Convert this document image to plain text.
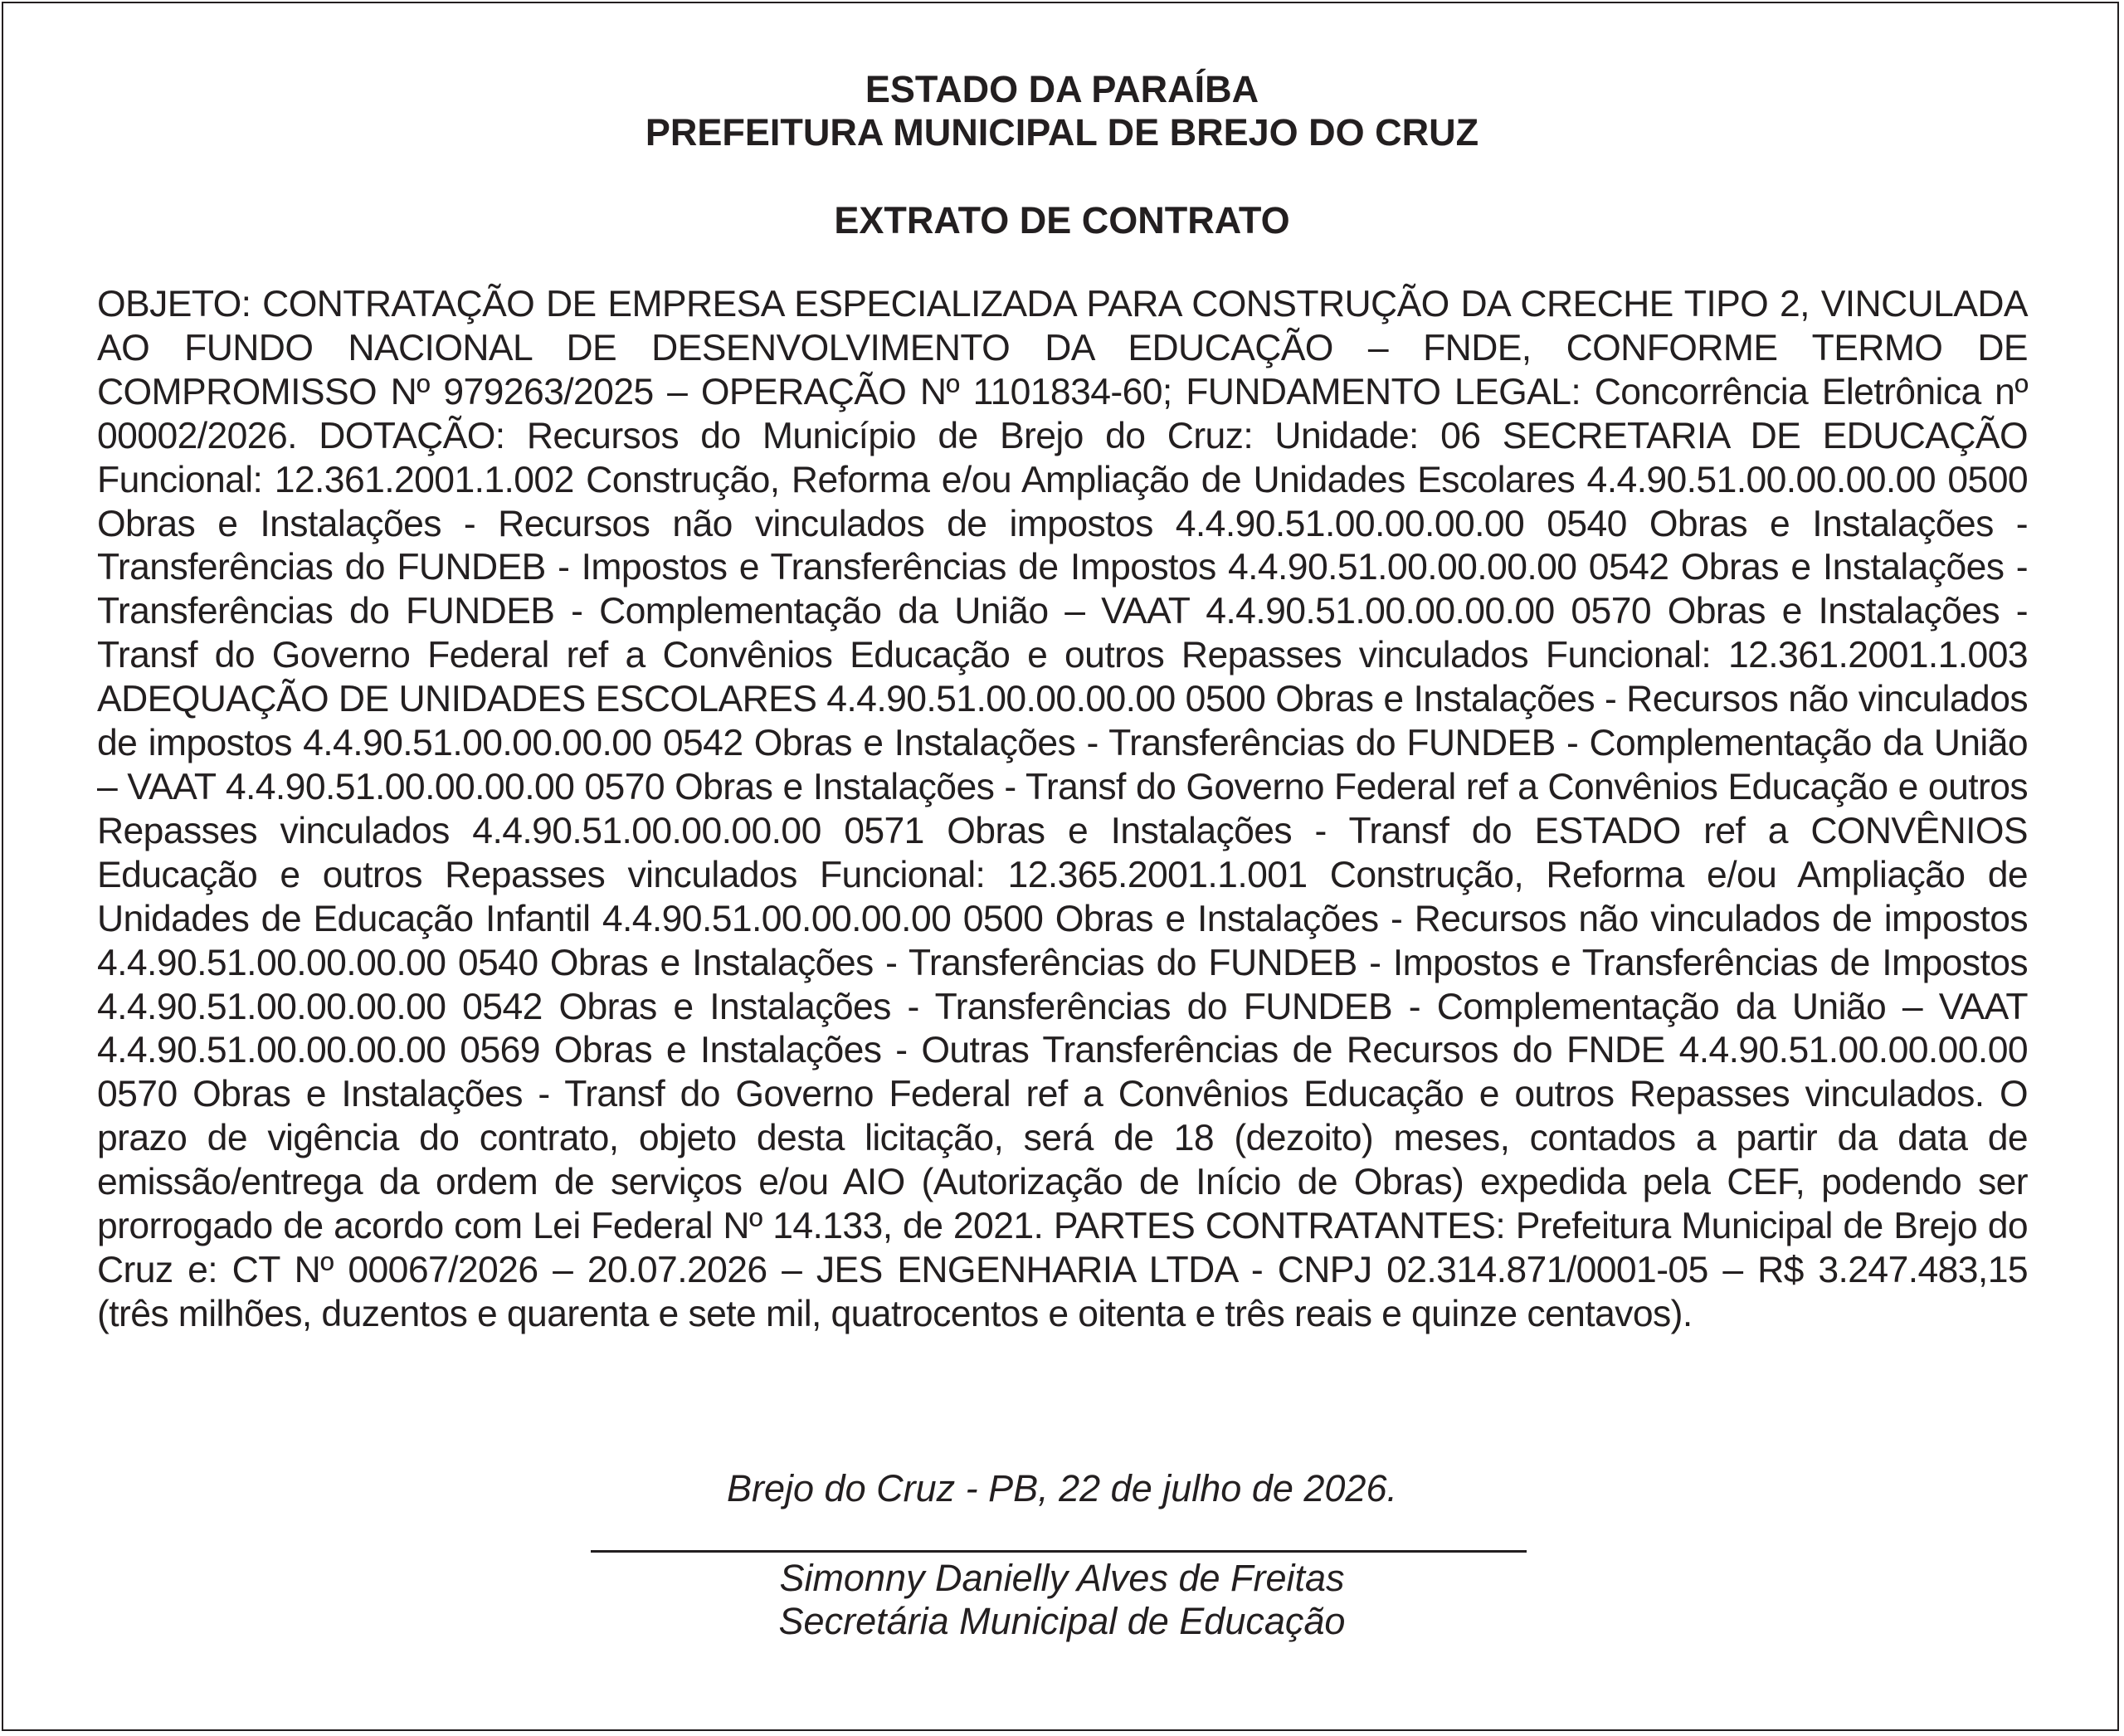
ESTADO DA PARAÍBA
PREFEITURA MUNICIPAL DE BREJO DO CRUZ
EXTRATO DE CONTRATO
OBJETO: CONTRATAÇÃO DE EMPRESA ESPECIALIZADA PARA CONSTRUÇÃO DA CRECHE TIPO 2, VINCULADA AO FUNDO NACIONAL DE DESENVOLVIMENTO DA EDUCAÇÃO – FNDE, CONFORME TERMO DE COMPROMISSO Nº 979263/2025 – OPERAÇÃO Nº 1101834-60; FUNDAMENTO LEGAL: Concorrência Eletrônica nº 00002/2026. DOTAÇÃO: Recursos do Município de Brejo do Cruz: Unidade: 06 SECRETARIA DE EDUCAÇÃO Funcional: 12.361.2001.1.002 Construção, Reforma e/ou Ampliação de Unidades Escolares 4.4.90.51.00.00.00.00 0500 Obras e Instalações - Recursos não vinculados de impostos 4.4.90.51.00.00.00.00 0540 Obras e Instalações - Transferências do FUNDEB - Impostos e Transferências de Impostos 4.4.90.51.00.00.00.00 0542 Obras e Instalações - Transferências do FUNDEB - Complementação da União – VAAT 4.4.90.51.00.00.00.00 0570 Obras e Instalações - Transf do Governo Federal ref a Convênios Educação e outros Repasses vinculados Funcional: 12.361.2001.1.003 ADEQUAÇÃO DE UNIDADES ESCOLARES 4.4.90.51.00.00.00.00 0500 Obras e Instalações - Recursos não vinculados de impostos 4.4.90.51.00.00.00.00 0542 Obras e Instalações - Transferências do FUNDEB - Complementação da União – VAAT 4.4.90.51.00.00.00.00 0570 Obras e Instalações - Transf do Governo Federal ref a Convênios Educação e outros Repasses vinculados 4.4.90.51.00.00.00.00 0571 Obras e Instalações - Transf do ESTADO ref a CONVÊNIOS Educação e outros Repasses vinculados Funcional: 12.365.2001.1.001 Construção, Reforma e/ou Ampliação de Unidades de Educação Infantil 4.4.90.51.00.00.00.00 0500 Obras e Instalações - Recursos não vinculados de impostos 4.4.90.51.00.00.00.00 0540 Obras e Instalações - Transferências do FUNDEB - Impostos e Transferências de Impostos 4.4.90.51.00.00.00.00 0542 Obras e Instalações - Transferências do FUNDEB - Complementação da União – VAAT 4.4.90.51.00.00.00.00 0569 Obras e Instalações - Outras Transferências de Recursos do FNDE 4.4.90.51.00.00.00.00 0570 Obras e Instalações - Transf do Governo Federal ref a Convênios Educação e outros Repasses vinculados. O prazo de vigência do contrato, objeto desta licitação, será de 18 (dezoito) meses, contados a partir da data de emissão/entrega da ordem de serviços e/ou AIO (Autorização de Início de Obras) expedida pela CEF, podendo ser prorrogado de acordo com Lei Federal Nº 14.133, de 2021. PARTES CONTRATANTES: Prefeitura Municipal de Brejo do Cruz e: CT Nº 00067/2026 – 20.07.2026 – JES ENGENHARIA LTDA - CNPJ 02.314.871/0001-05 – R$ 3.247.483,15 (três milhões, duzentos e quarenta e sete mil, quatrocentos e oitenta e três reais e quinze centavos).
Brejo do Cruz - PB, 22 de julho de 2026.
Simonny Danielly Alves de Freitas
Secretária Municipal de Educação
